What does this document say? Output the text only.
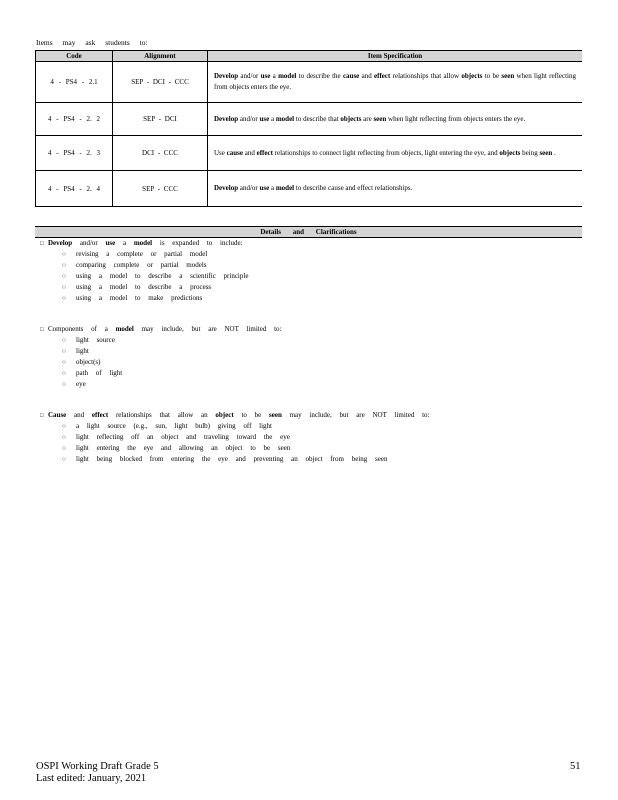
Items may ask students to:
Code	Alignment	Item Specification
4 - PS4 - 2.1	SEP - DCI - CCC	Develop and/or use a model to describe the cause and effect relationships that allow objects to be seen when light reflecting from objects enters the eye.
4 - PS4 - 2. 2	SEP - DCI	Develop and/or use a model to describe that objects are seen when light reflecting from objects enters the eye.
4 - PS4 - 2. 3	DCI - CCC	Use cause and effect relationships to connect light reflecting from objects, light entering the eye, and objects being seen .
4 - PS4 - 2. 4	SEP - CCC	Develop and/or use a model to describe cause and effect relationships.
Details and Clarifications
□ Develop and/or use a model is expanded to include:
○ revising a complete or partial model
○ comparing complete or partial models
○ using a model to describe a scientific principle
○ using a model to describe a process
○ using a model to make predictions
□ Components of a model may include, but are NOT limited to:
○ light source
○ light
○ object(s)
○ path of light
○ eye
□ Cause and effect relationships that allow an object to be seen may include, but are NOT limited to:
○ a light source (e.g., sun, light bulb) giving off light
○ light reflecting off an object and traveling toward the eye
○ light entering the eye and allowing an object to be seen
○ light being blocked from entering the eye and preventing an object from being seen
OSPI Working Draft Grade 5
Last edited: January, 2021
51
